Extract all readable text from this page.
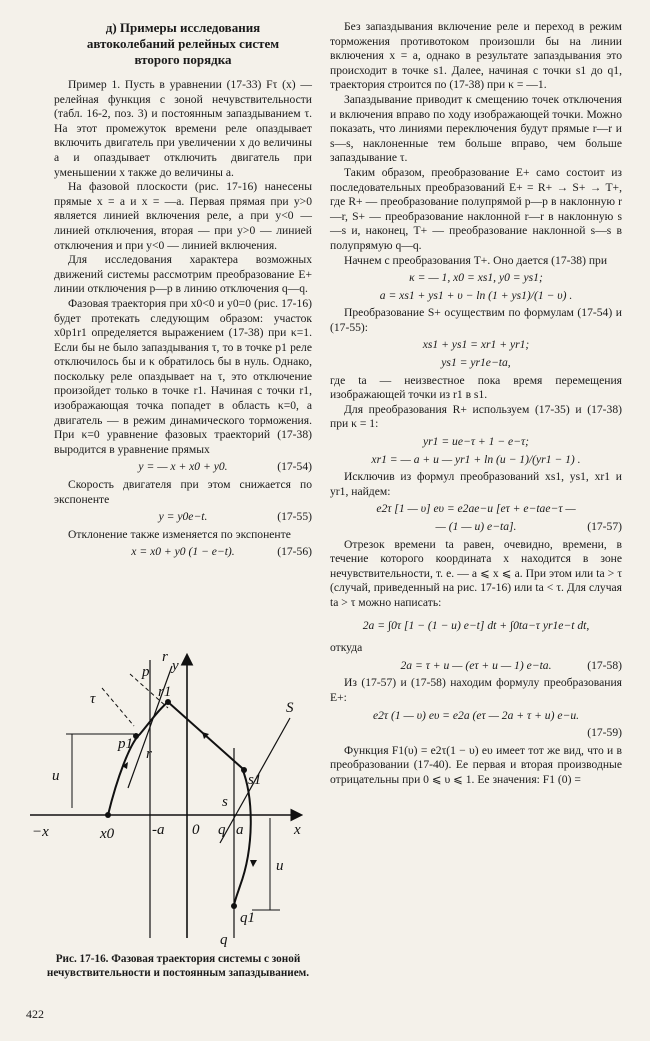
д) Примеры исследования
автоколебаний релейных систем
второго порядка

Пример 1. Пусть в уравнении (17-33) Fτ (x) — релейная функция с зоной нечувствительности (табл. 16-2, поз. 3) и постоянным запаздыванием τ. На этот промежуток времени реле опаздывает включить двигатель при увеличении x до величины a и опаздывает отключить двигатель при уменьшении x также до величины a.

На фазовой плоскости (рис. 17-16) нанесены прямые x = a и x = —a. Первая прямая при y>0 является линией включения реле, а при y<0 — линией отключения, вторая — при y>0 — линией отключения и при y<0 — линией включения.

Для исследования характера возможных движений системы рассмотрим преобразование E+ линии отключения p—p в линию отключения q—q.

Фазовая траектория при x0<0 и y0=0 (рис. 17-16) будет протекать следующим образом: участок x0p1r1 определяется выражением (17-38) при κ=1. Если бы не было запаздывания τ, то в точке p1 реле отключилось бы и κ обратилось бы в нуль. Однако, поскольку реле опаздывает на τ, это отключение произойдет только в точке r1. Начиная с точки r1, изображающая точка попадет в область κ=0, а двигатель — в режим динамического торможения. При κ=0 уравнение фазовых траекторий (17-38) выродится в уравнение прямых

y = — x + x0 + y0.	(17-54)

Скорость двигателя при этом снижается по экспоненте

y = y0e−t.	(17-55)

Отклонение также изменяется по экспоненте

x = x0 + y0 (1 − e−t).	(17-56)
p y
r
τ	r1
p1
u
r
S
s1
s
−x	x0	-a 0 q a	x
u
q1
q
Рис. 17-16. Фазовая траектория системы с зоной нечувствительности и постоянным запаздыванием.
422

Без запаздывания включение реле и переход в режим торможения противотоком произошли бы на линии включения x = a, однако в результате запаздывания это происходит в точке s1. Далее, начиная с точки s1 до q1, траектория строится по (17-38) при κ = —1.

Запаздывание приводит к смещению точек отключения и включения вправо по ходу изображающей точки. Можно показать, что линиями переключения будут прямые r—r и s—s, наклоненные тем больше вправо, чем больше запаздывание τ.

Таким образом, преобразование E+ само состоит из последовательных преобразований E+ = R+ → S+ → T+, где R+ — преобразование полупрямой p—p в наклонную r—r, S+ — преобразование наклонной r—r в наклонную s—s и, наконец, T+ — преобразование наклонной s—s в полупрямую q—q.

Начнем с преобразования T+. Оно дается (17-38) при

κ = — 1, x0 = xs1, y0 = ys1;
a = xs1 + ys1 + υ − ln (1 + ys1)/(1 − υ) .

Преобразование S+ осуществим по формулам (17-54) и (17-55):

xs1 + ys1 = xr1 + yr1;
ys1 = yr1e−ta,

где ta — неизвестное пока время перемещения изображающей точки из r1 в s1.

Для преобразования R+ используем (17-35) и (17-38) при κ = 1:

yr1 = ue−τ + 1 − e−τ;
xr1 = — a + u — yr1 + ln (u − 1)/(yr1 − 1) .

Исключив из формул преобразований xs1, ys1, xr1 и yr1, найдем:

e2τ [1 — υ] eυ = e2ae−u [eτ + e−tae−τ —
— (1 — u) e−ta].	(17-57)

Отрезок времени ta равен, очевидно, времени, в течение которого координата x находится в зоне нечувствительности, т. е. — a ⩽ x ⩽ a. При этом или ta > τ (случай, приведенный на рис. 17-16) или ta < τ. Для случая ta > τ можно написать:

2a = ∫0τ [1 − (1 − u) e−t] dt + ∫0ta−τ yr1e−t dt,

откуда

2a = τ + u — (eτ + u — 1) e−ta.	(17-58)

Из (17-57) и (17-58) находим формулу преобразования E+:

e2τ (1 — υ) eυ = e2a (eτ — 2a + τ + u) e−u.
(17-59)

Функция F1(υ) = e2τ(1 − υ) eυ имеет тот же вид, что и в преобразовании (17-40). Ее первая и вторая производные отрицательны при 0 ⩽ υ ⩽ 1. Ее значения: F1 (0) =
